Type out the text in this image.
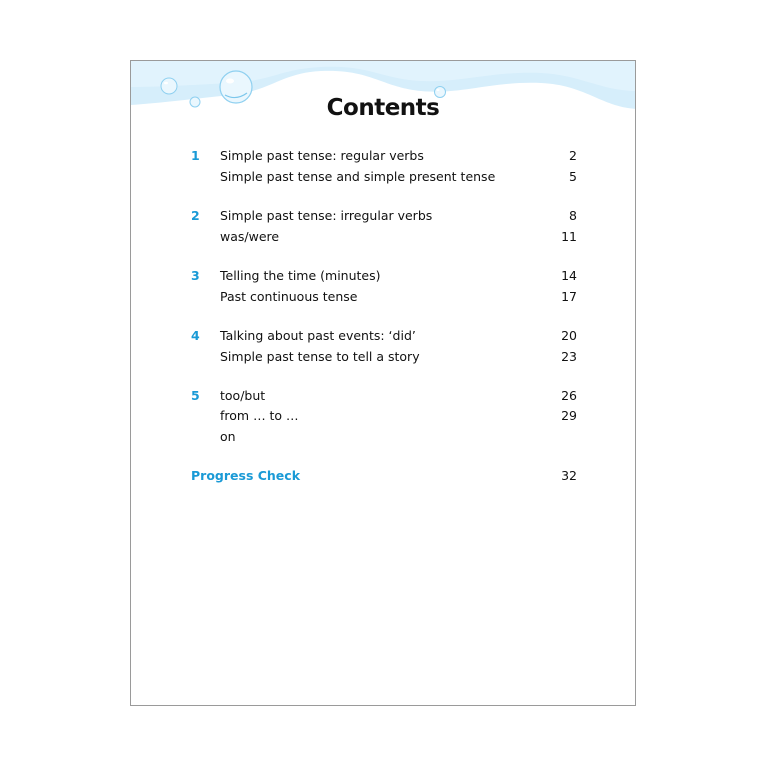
Contents
1 Simple past tense: regular verbs	2
Simple past tense and simple present tense	5
2 Simple past tense: irregular verbs	8
was/were	11
3 Telling the time (minutes)	14
Past continuous tense	17
4 Talking about past events: ‘did’	20
Simple past tense to tell a story	23
5 too/but	26
from … to …	29
on
Progress Check	32
